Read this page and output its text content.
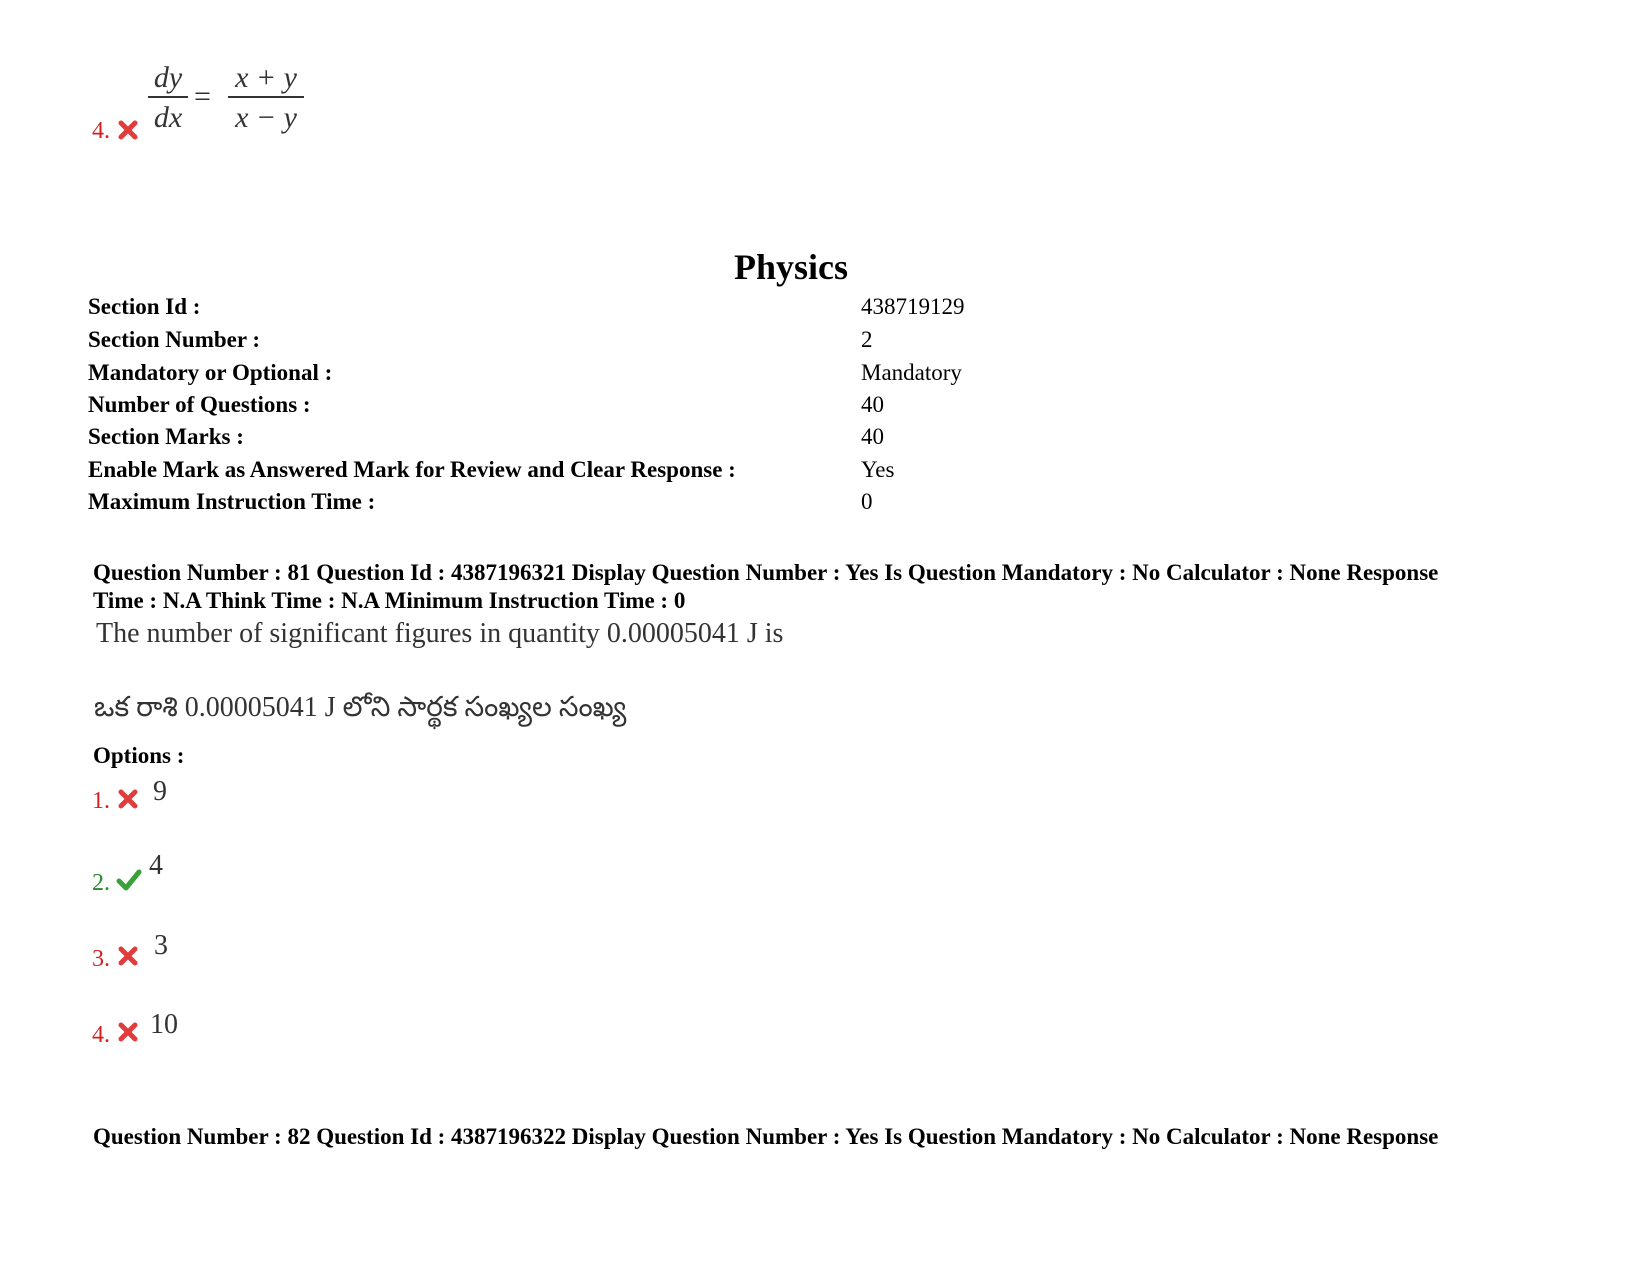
4.
dy
dx
=
x + y
x − y
Physics
Section Id :	438719129
Section Number :	2
Mandatory or Optional :	Mandatory
Number of Questions :	40
Section Marks :	40
Enable Mark as Answered Mark for Review and Clear Response :	Yes
Maximum Instruction Time :	0
Question Number : 81 Question Id : 4387196321 Display Question Number : Yes Is Question Mandatory : No Calculator : None Response
Time : N.A Think Time : N.A Minimum Instruction Time : 0
The number of significant figures in quantity 0.00005041 J is
ఒక రాశి 0.00005041 J లోని సార్థక సంఖ్యల సంఖ్య
Options :
1. 9
2.
4
3. 3
4. 10
Question Number : 82 Question Id : 4387196322 Display Question Number : Yes Is Question Mandatory : No Calculator : None Response
